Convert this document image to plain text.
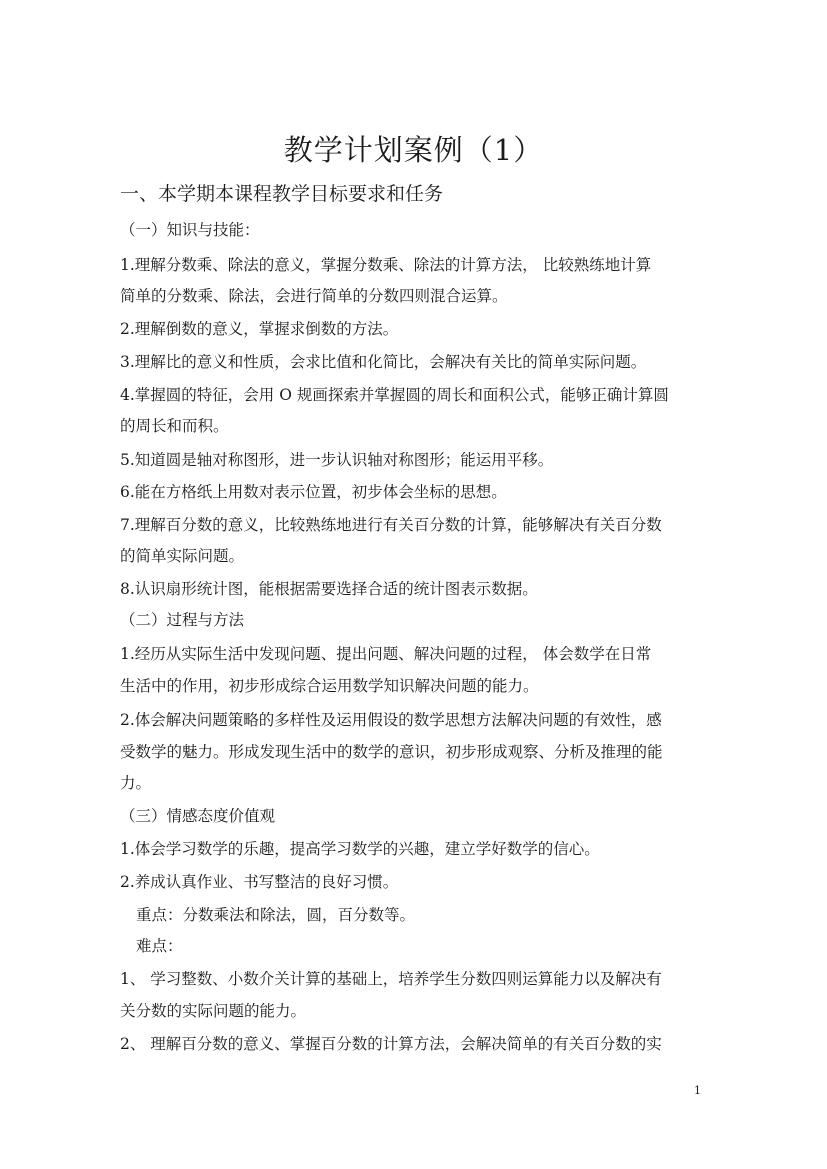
教学计划案例（1）
一、本学期本课程教学目标要求和任务
（一）知识与技能：
1.理解分数乘、除法的意义，掌握分数乘、除法的计算方法， 比较熟练地计算
简单的分数乘、除法，会进行简单的分数四则混合运算。
2.理解倒数的意义，掌握求倒数的方法。
3.理解比的意义和性质，会求比值和化简比，会解决有关比的简单实际问题。
4.掌握圆的特征，会用 O 规画探索并掌握圆的周长和面积公式，能够正确计算圆
的周长和而积。
5.知道圆是轴对称图形，进一步认识轴对称图形；能运用平移。
6.能在方格纸上用数对表示位置，初步体会坐标的思想。
7.理解百分数的意义，比较熟练地进行有关百分数的计算，能够解决有关百分数
的简单实际问题。
8.认识扇形统计图，能根据需要选择合适的统计图表示数据。
（二）过程与方法
1.经历从实际生活中发现问题、提出问题、解决问题的过程， 体会数学在日常
生活中的作用，初步形成综合运用数学知识解决问题的能力。
2.体会解决问题策略的多样性及运用假设的数学思想方法解决问题的有效性，感
受数学的魅力。形成发现生活中的数学的意识，初步形成观察、分析及推理的能
力。
（三）情感态度价值观
1.体会学习数学的乐趣，提高学习数学的兴趣，建立学好数学的信心。
2.养成认真作业、书写整洁的良好习惯。
重点：分数乘法和除法，圆，百分数等。
难点：
1、 学习整数、小数介关计算的基础上，培养学生分数四则运算能力以及解决有
关分数的实际问题的能力。
2、 理解百分数的意义、掌握百分数的计算方法，会解决简单的有关百分数的实
1
